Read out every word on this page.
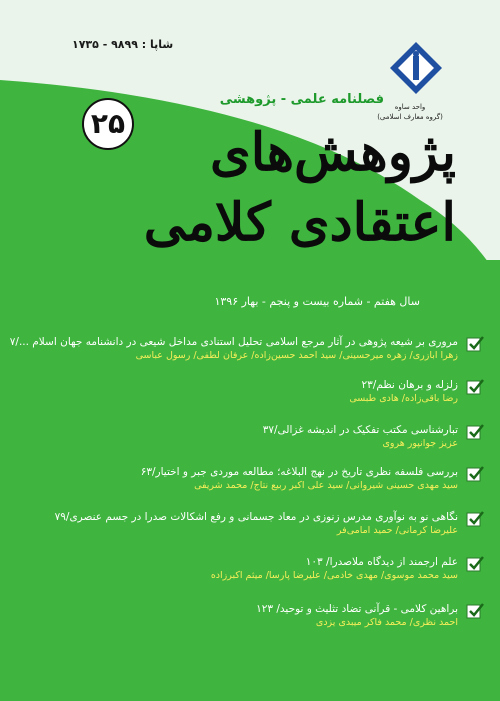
شاپا : ۹۸۹۹ - ۱۷۳۵
واحد ساوه
(گروه معارف اسلامی)
فصلنامه علمی - پژوهشی
۲۵	پژوهش‌های اعتقادی کلامی
سال هفتم - شماره بیست و پنجم - بهار ۱۳۹۶
مروری بر شیعه پژوهی در آثار مرجع اسلامی تحلیل استنادی مداخل شیعی در دانشنامه جهان اسلام .../۷
زهرا ابازری/ زهره میرحسینی/ سید احمد حسین‌زاده/ عرفان لطفی/ رسول عباسی
زلزله و برهان نظم/۲۳
رضا باقی‌زاده/ هادی طبسی
تبارشناسی مکتب تفکیک در اندیشه غزالی/۳۷
عزیز جوانپور هروی
بررسی فلسفه نظری تاریخ در نهج البلاغه؛ مطالعه موردی جبر و اختیار/۶۳
سید مهدی حسینی شیروانی/ سید علی اکبر ربیع نتاج/ محمد شریفی
نگاهی نو به نوآوری مدرس زنوزی در معاد جسمانی و رفع اشکالات صدرا در جسم عنصری/۷۹
علیرضا کرمانی/ حمید امامی‌فر
علم ارجمند از دیدگاه ملاصدرا/ ۱۰۳
سید محمد موسوی/ مهدی خادمی/ علیرضا پارسا/ میثم اکبرزاده
براهین کلامی - قرآنی تضاد تثلیث و توحید/ ۱۲۳
احمد نظری/ محمد فاکر میبدی یزدی
